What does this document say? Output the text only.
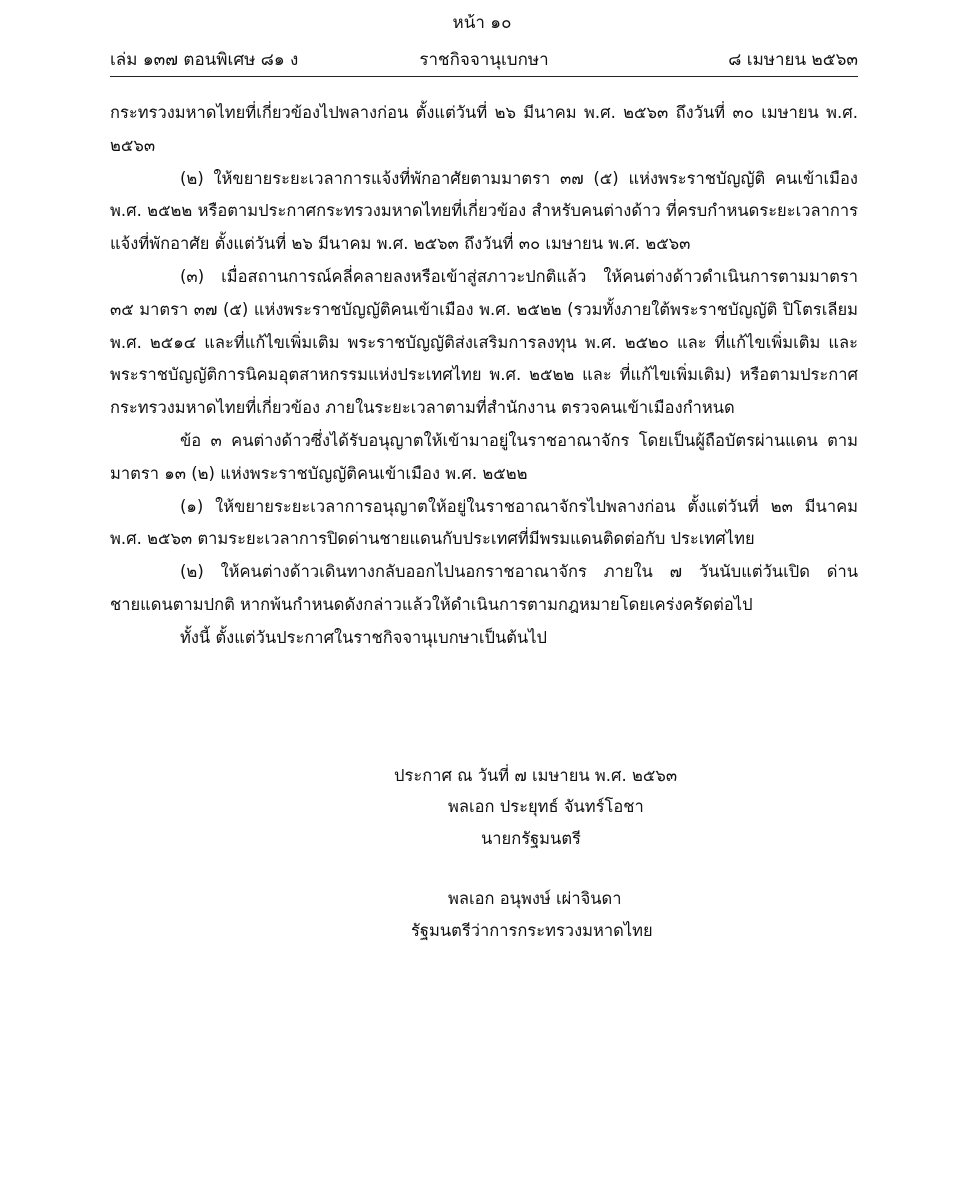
หน้า ๑๐
เล่ม ๑๓๗ ตอนพิเศษ ๘๑ ง	ราชกิจจานุเบกษา	๘ เมษายน ๒๕๖๓

กระทรวงมหาดไทยที่เกี่ยวข้องไปพลางก่อน ตั้งแต่วันที่ ๒๖ มีนาคม พ.ศ. ๒๕๖๓ ถึงวันที่ ๓๐ เมษายน พ.ศ. ๒๕๖๓

(๒) ให้ขยายระยะเวลาการแจ้งที่พักอาศัยตามมาตรา ๓๗ (๕) แห่งพระราชบัญญัติ คนเข้าเมือง พ.ศ. ๒๕๒๒ หรือตามประกาศกระทรวงมหาดไทยที่เกี่ยวข้อง สำหรับคนต่างด้าว ที่ครบกำหนดระยะเวลาการแจ้งที่พักอาศัย ตั้งแต่วันที่ ๒๖ มีนาคม พ.ศ. ๒๕๖๓ ถึงวันที่ ๓๐ เมษายน พ.ศ. ๒๕๖๓

(๓) เมื่อสถานการณ์คลี่คลายลงหรือเข้าสู่สภาวะปกติแล้ว ให้คนต่างด้าวดำเนินการตามมาตรา ๓๕ มาตรา ๓๗ (๕) แห่งพระราชบัญญัติคนเข้าเมือง พ.ศ. ๒๕๒๒ (รวมทั้งภายใต้พระราชบัญญัติ ปิโตรเลียม พ.ศ. ๒๕๑๔ และที่แก้ไขเพิ่มเติม พระราชบัญญัติส่งเสริมการลงทุน พ.ศ. ๒๕๒๐ และ ที่แก้ไขเพิ่มเติม และพระราชบัญญัติการนิคมอุตสาหกรรมแห่งประเทศไทย พ.ศ. ๒๕๒๒ และ ที่แก้ไขเพิ่มเติม) หรือตามประกาศกระทรวงมหาดไทยที่เกี่ยวข้อง ภายในระยะเวลาตามที่สำนักงาน ตรวจคนเข้าเมืองกำหนด

ข้อ ๓ คนต่างด้าวซึ่งได้รับอนุญาตให้เข้ามาอยู่ในราชอาณาจักร โดยเป็นผู้ถือบัตรผ่านแดน ตามมาตรา ๑๓ (๒) แห่งพระราชบัญญัติคนเข้าเมือง พ.ศ. ๒๕๒๒

(๑) ให้ขยายระยะเวลาการอนุญาตให้อยู่ในราชอาณาจักรไปพลางก่อน ตั้งแต่วันที่ ๒๓ มีนาคม พ.ศ. ๒๕๖๓ ตามระยะเวลาการปิดด่านชายแดนกับประเทศที่มีพรมแดนติดต่อกับ ประเทศไทย

(๒) ให้คนต่างด้าวเดินทางกลับออกไปนอกราชอาณาจักร ภายใน ๗ วันนับแต่วันเปิด ด่านชายแดนตามปกติ หากพ้นกำหนดดังกล่าวแล้วให้ดำเนินการตามกฎหมายโดยเคร่งครัดต่อไป

ทั้งนี้ ตั้งแต่วันประกาศในราชกิจจานุเบกษาเป็นต้นไป

ประกาศ ณ วันที่ ๗ เมษายน พ.ศ. ๒๕๖๓
พลเอก ประยุทธ์ จันทร์โอชา
นายกรัฐมนตรี
พลเอก อนุพงษ์ เผ่าจินดา
รัฐมนตรีว่าการกระทรวงมหาดไทย
